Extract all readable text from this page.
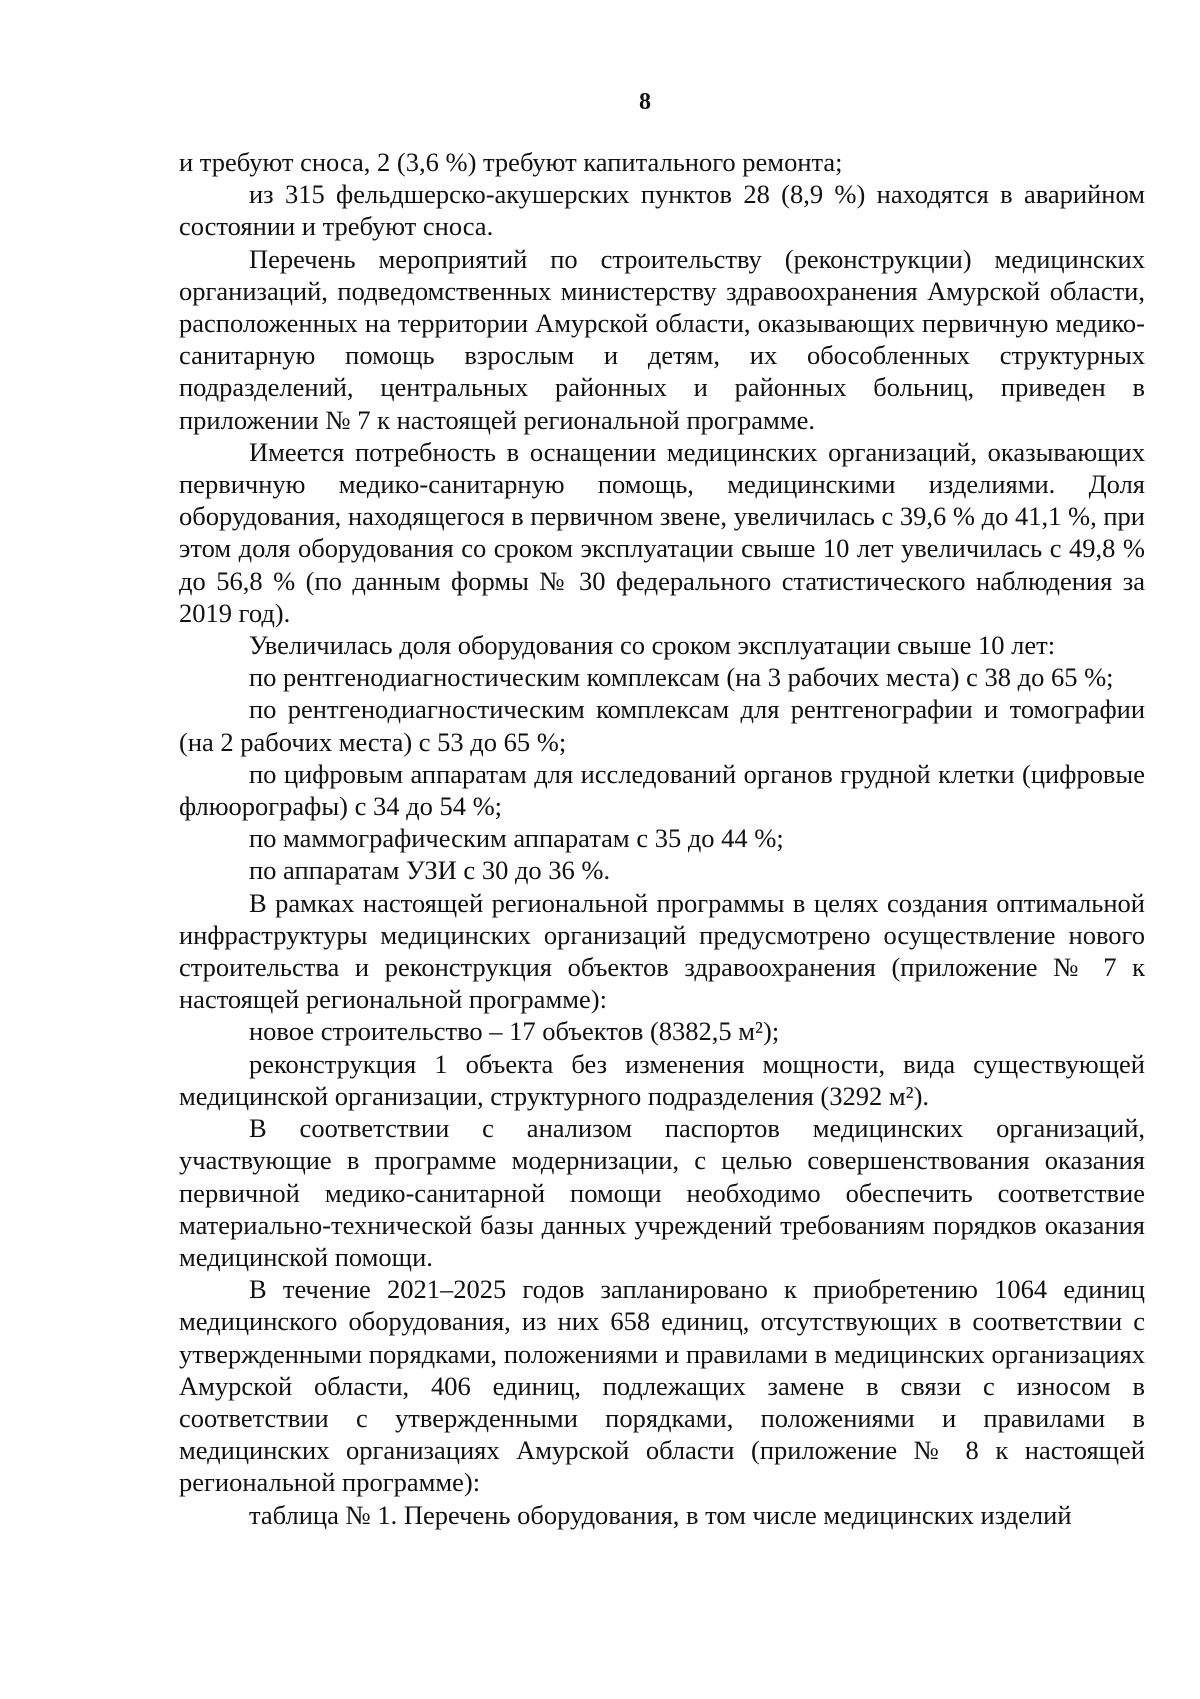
8

и требуют сноса, 2 (3,6 %) требуют капитального ремонта;

из 315 фельдшерско-акушерских пунктов 28 (8,9 %) находятся в аварийном состоянии и требуют сноса.

Перечень мероприятий по строительству (реконструкции) медицинских организаций, подведомственных министерству здравоохранения Амурской области, расположенных на территории Амурской области, оказывающих первичную медико-санитарную помощь взрослым и детям, их обособленных структурных подразделений, центральных районных и районных больниц, приведен в приложении № 7 к настоящей региональной программе.

Имеется потребность в оснащении медицинских организаций, оказывающих первичную медико-санитарную помощь, медицинскими изделиями. Доля оборудования, находящегося в первичном звене, увеличилась с 39,6 % до 41,1 %, при этом доля оборудования со сроком эксплуатации свыше 10 лет увеличилась с 49,8 % до 56,8 % (по данным формы № 30 федерального статистического наблюдения за 2019 год).

Увеличилась доля оборудования со сроком эксплуатации свыше 10 лет:

по рентгенодиагностическим комплексам (на 3 рабочих места) с 38 до 65 %;

по рентгенодиагностическим комплексам для рентгенографии и томографии (на 2 рабочих места) с 53 до 65 %;

по цифровым аппаратам для исследований органов грудной клетки (цифровые флюорографы) с 34 до 54 %;

по маммографическим аппаратам с 35 до 44 %;

по аппаратам УЗИ с 30 до 36 %.

В рамках настоящей региональной программы в целях создания оптимальной инфраструктуры медицинских организаций предусмотрено осуществление нового строительства и реконструкция объектов здравоохранения (приложение № 7 к настоящей региональной программе):

новое строительство – 17 объектов (8382,5 м²);

реконструкция 1 объекта без изменения мощности, вида существующей медицинской организации, структурного подразделения (3292 м²).

В соответствии с анализом паспортов медицинских организаций, участвующие в программе модернизации, с целью совершенствования оказания первичной медико-санитарной помощи необходимо обеспечить соответствие материально-технической базы данных учреждений требованиям порядков оказания медицинской помощи.

В течение 2021–2025 годов запланировано к приобретению 1064 единиц медицинского оборудования, из них 658 единиц, отсутствующих в соответствии с утвержденными порядками, положениями и правилами в медицинских организациях Амурской области, 406 единиц, подлежащих замене в связи с износом в соответствии с утвержденными порядками, положениями и правилами в медицинских организациях Амурской области (приложение № 8 к настоящей региональной программе):

таблица № 1. Перечень оборудования, в том числе медицинских изделий
